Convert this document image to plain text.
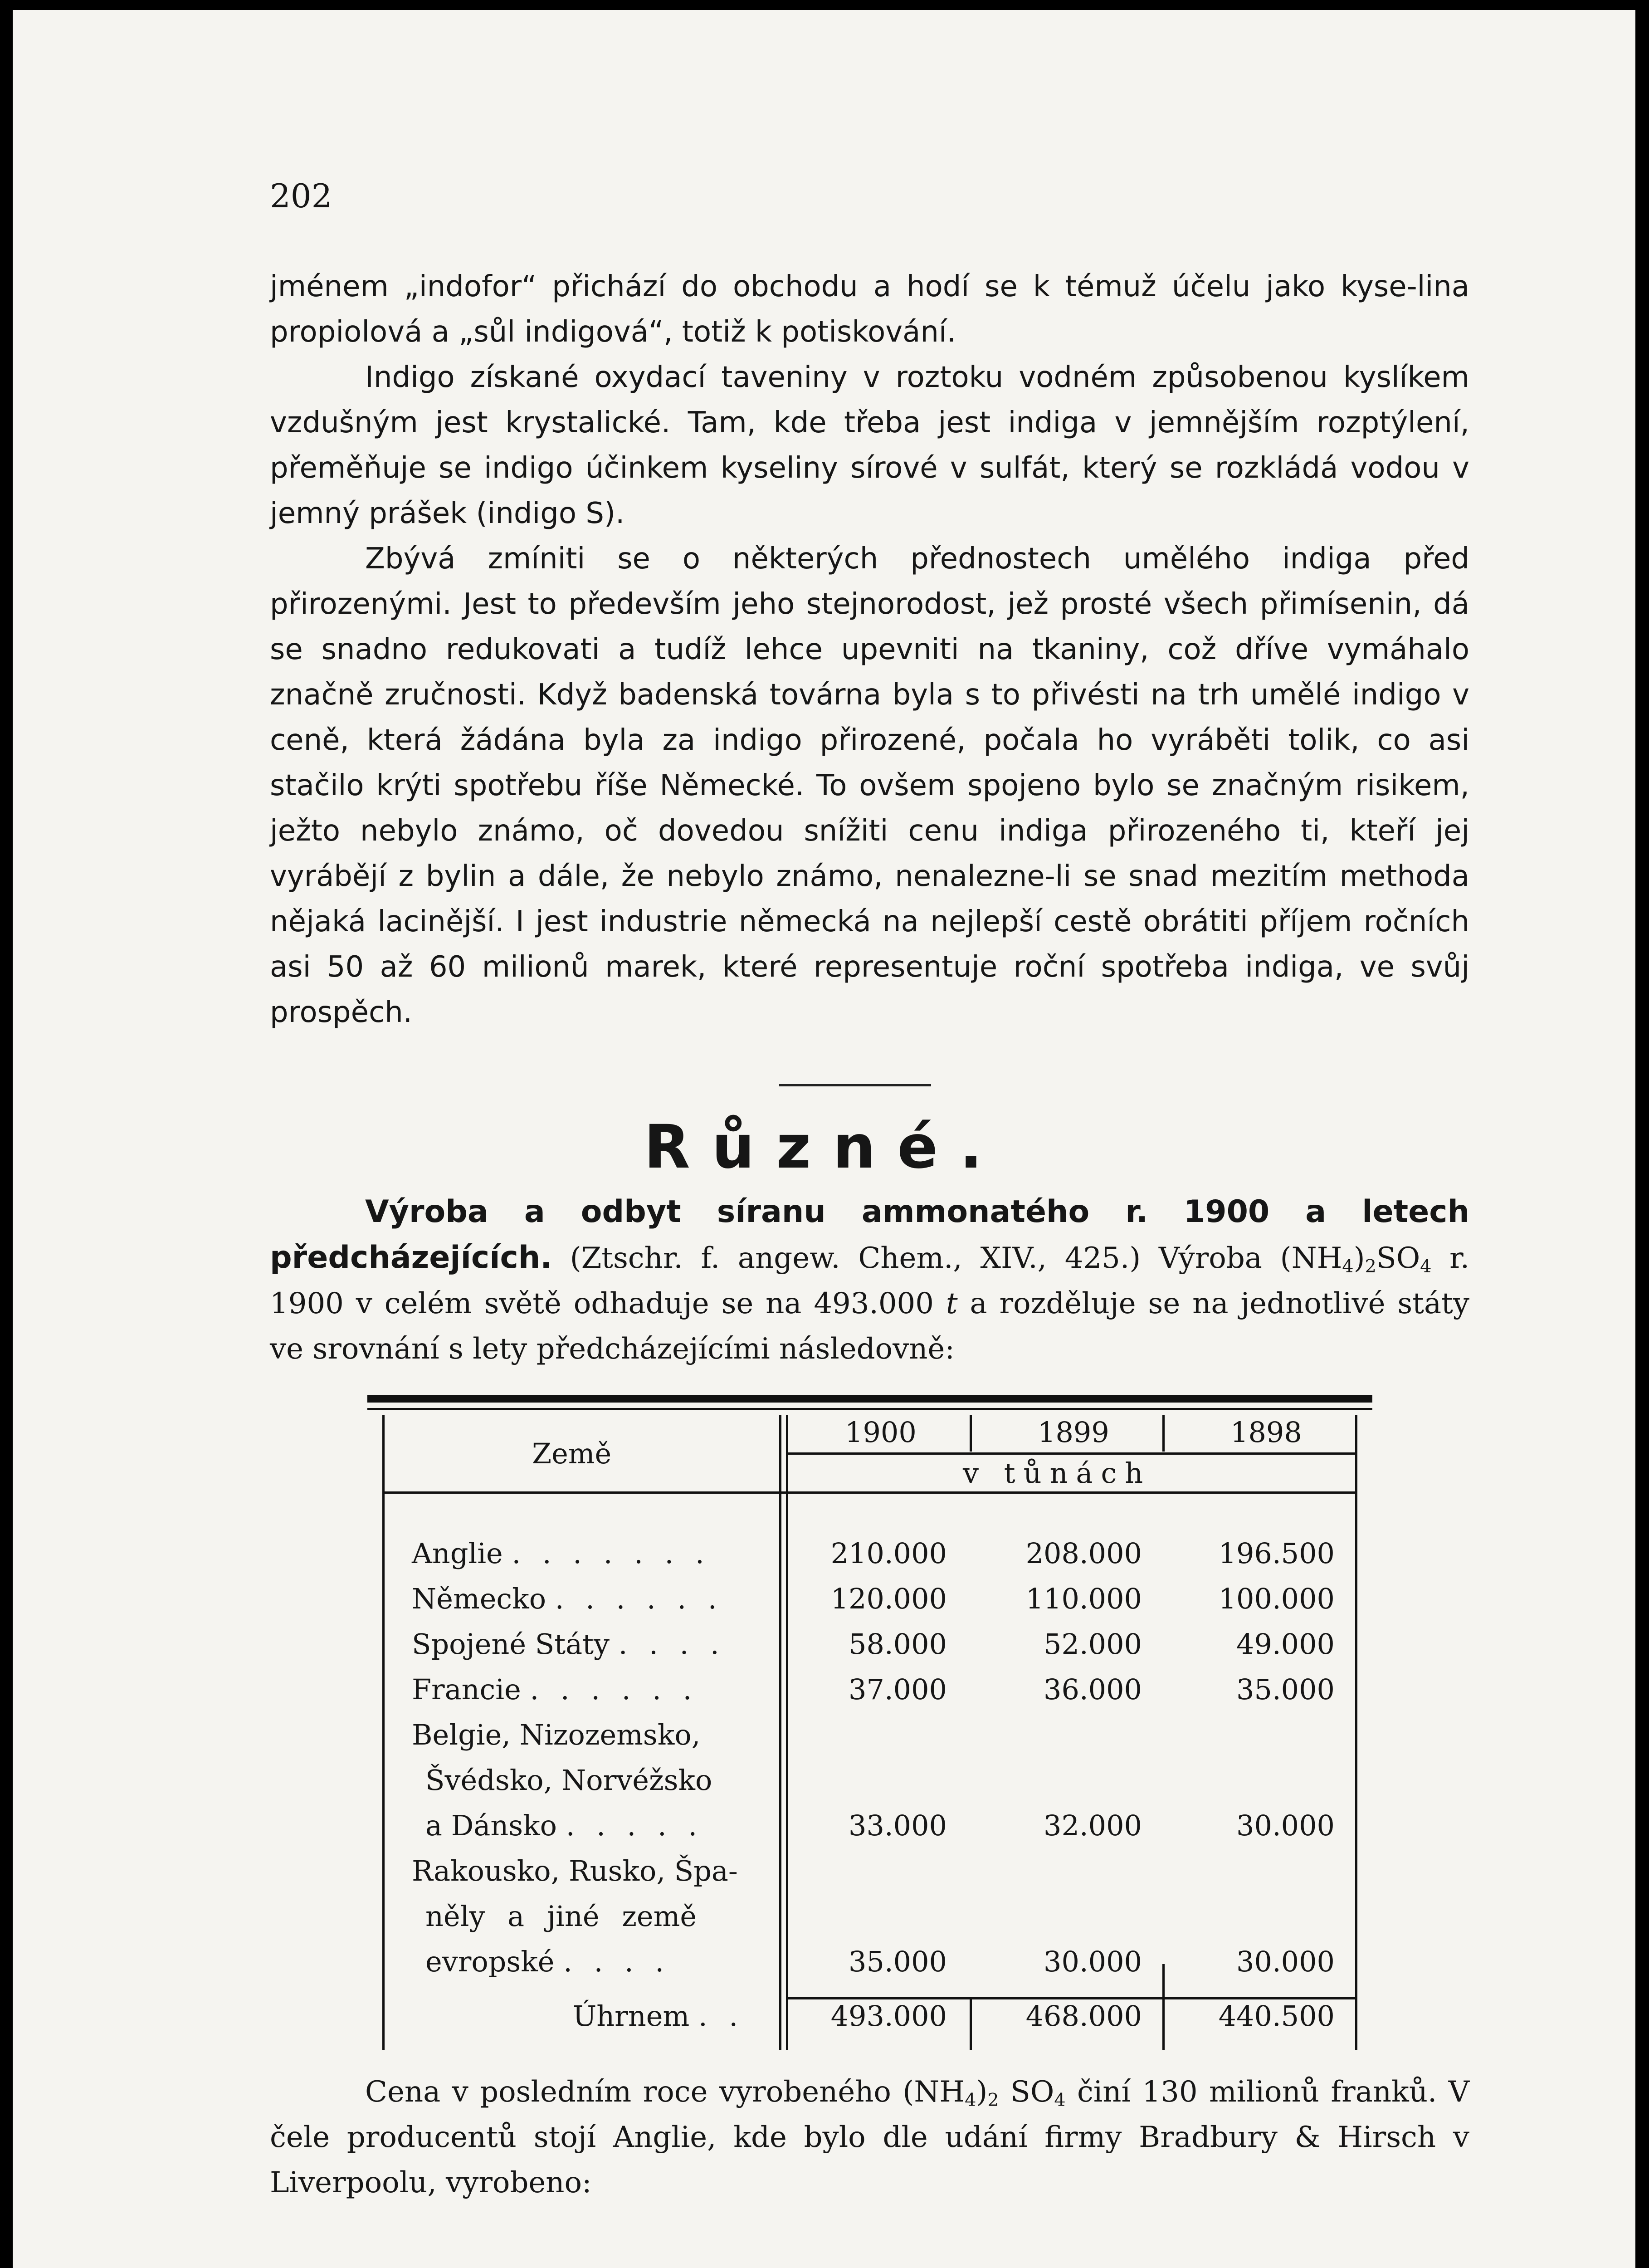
202
jménem „indofor“ přichází do obchodu a hodí se k témuž účelu jako kyse-lina propiolová a „sůl indigová“, totiž k potiskování.
Indigo získané oxydací taveniny v roztoku vodném způsobenou kyslíkem vzdušným jest krystalické. Tam, kde třeba jest indiga v jemnějším rozptýlení, přeměňuje se indigo účinkem kyseliny sírové v sulfát, který se rozkládá vodou v jemný prášek (indigo S).
Zbývá zmíniti se o některých přednostech umělého indiga před přirozenými. Jest to především jeho stejnorodost, jež prosté všech přimísenin, dá se snadno redukovati a tudíž lehce upevniti na tkaniny, což dříve vymáhalo značně zručnosti. Když badenská továrna byla s to přivésti na trh umělé indigo v ceně, která žádána byla za indigo přirozené, počala ho vyráběti tolik, co asi stačilo krýti spotřebu říše Německé. To ovšem spojeno bylo se značným risikem, ježto nebylo známo, oč dovedou snížiti cenu indiga přirozeného ti, kteří jej vyrábějí z bylin a dále, že nebylo známo, nenalezne-li se snad mezitím methoda nějaká lacinější. I jest industrie německá na nejlepší cestě obrátiti příjem ročních asi 50 až 60 milionů marek, které representuje roční spotřeba indiga, ve svůj prospěch.
Různé.
Výroba a odbyt síranu ammonatého r. 1900 a letech předcházejících. (Ztschr. f. angew. Chem., XIV., 425.) Výroba $(NH_4)_2SO_4$ r. 1900 v celém světě odhaduje se na 493.000 t a rozděluje se na jednotlivé státy ve srovnání s lety předcházejícími následovně:
Země
1900	1899	1898
v tůnách
Anglie . . . . . . .	210.000	208.000	196.500
Německo . . . . . .	120.000	110.000	100.000
Spojené Státy . . . .	58.000	52.000	49.000
Francie . . . . . .	37.000	36.000	35.000
Belgie, Nizozemsko,
Švédsko, Norvéžsko
a Dánsko . . . . .	33.000	32.000	30.000
Rakousko, Rusko, Špa-
něly a jiné země
evropské . . . .	35.000	30.000	30.000
Úhrnem . .	493.000	468.000	440.500
Cena v posledním roce vyrobeného $(NH_4)_2$ $SO_4$ činí 130 milionů franků. V čele producentů stojí Anglie, kde bylo dle udání firmy Bradbury & Hirsch v Liverpoolu, vyrobeno:
